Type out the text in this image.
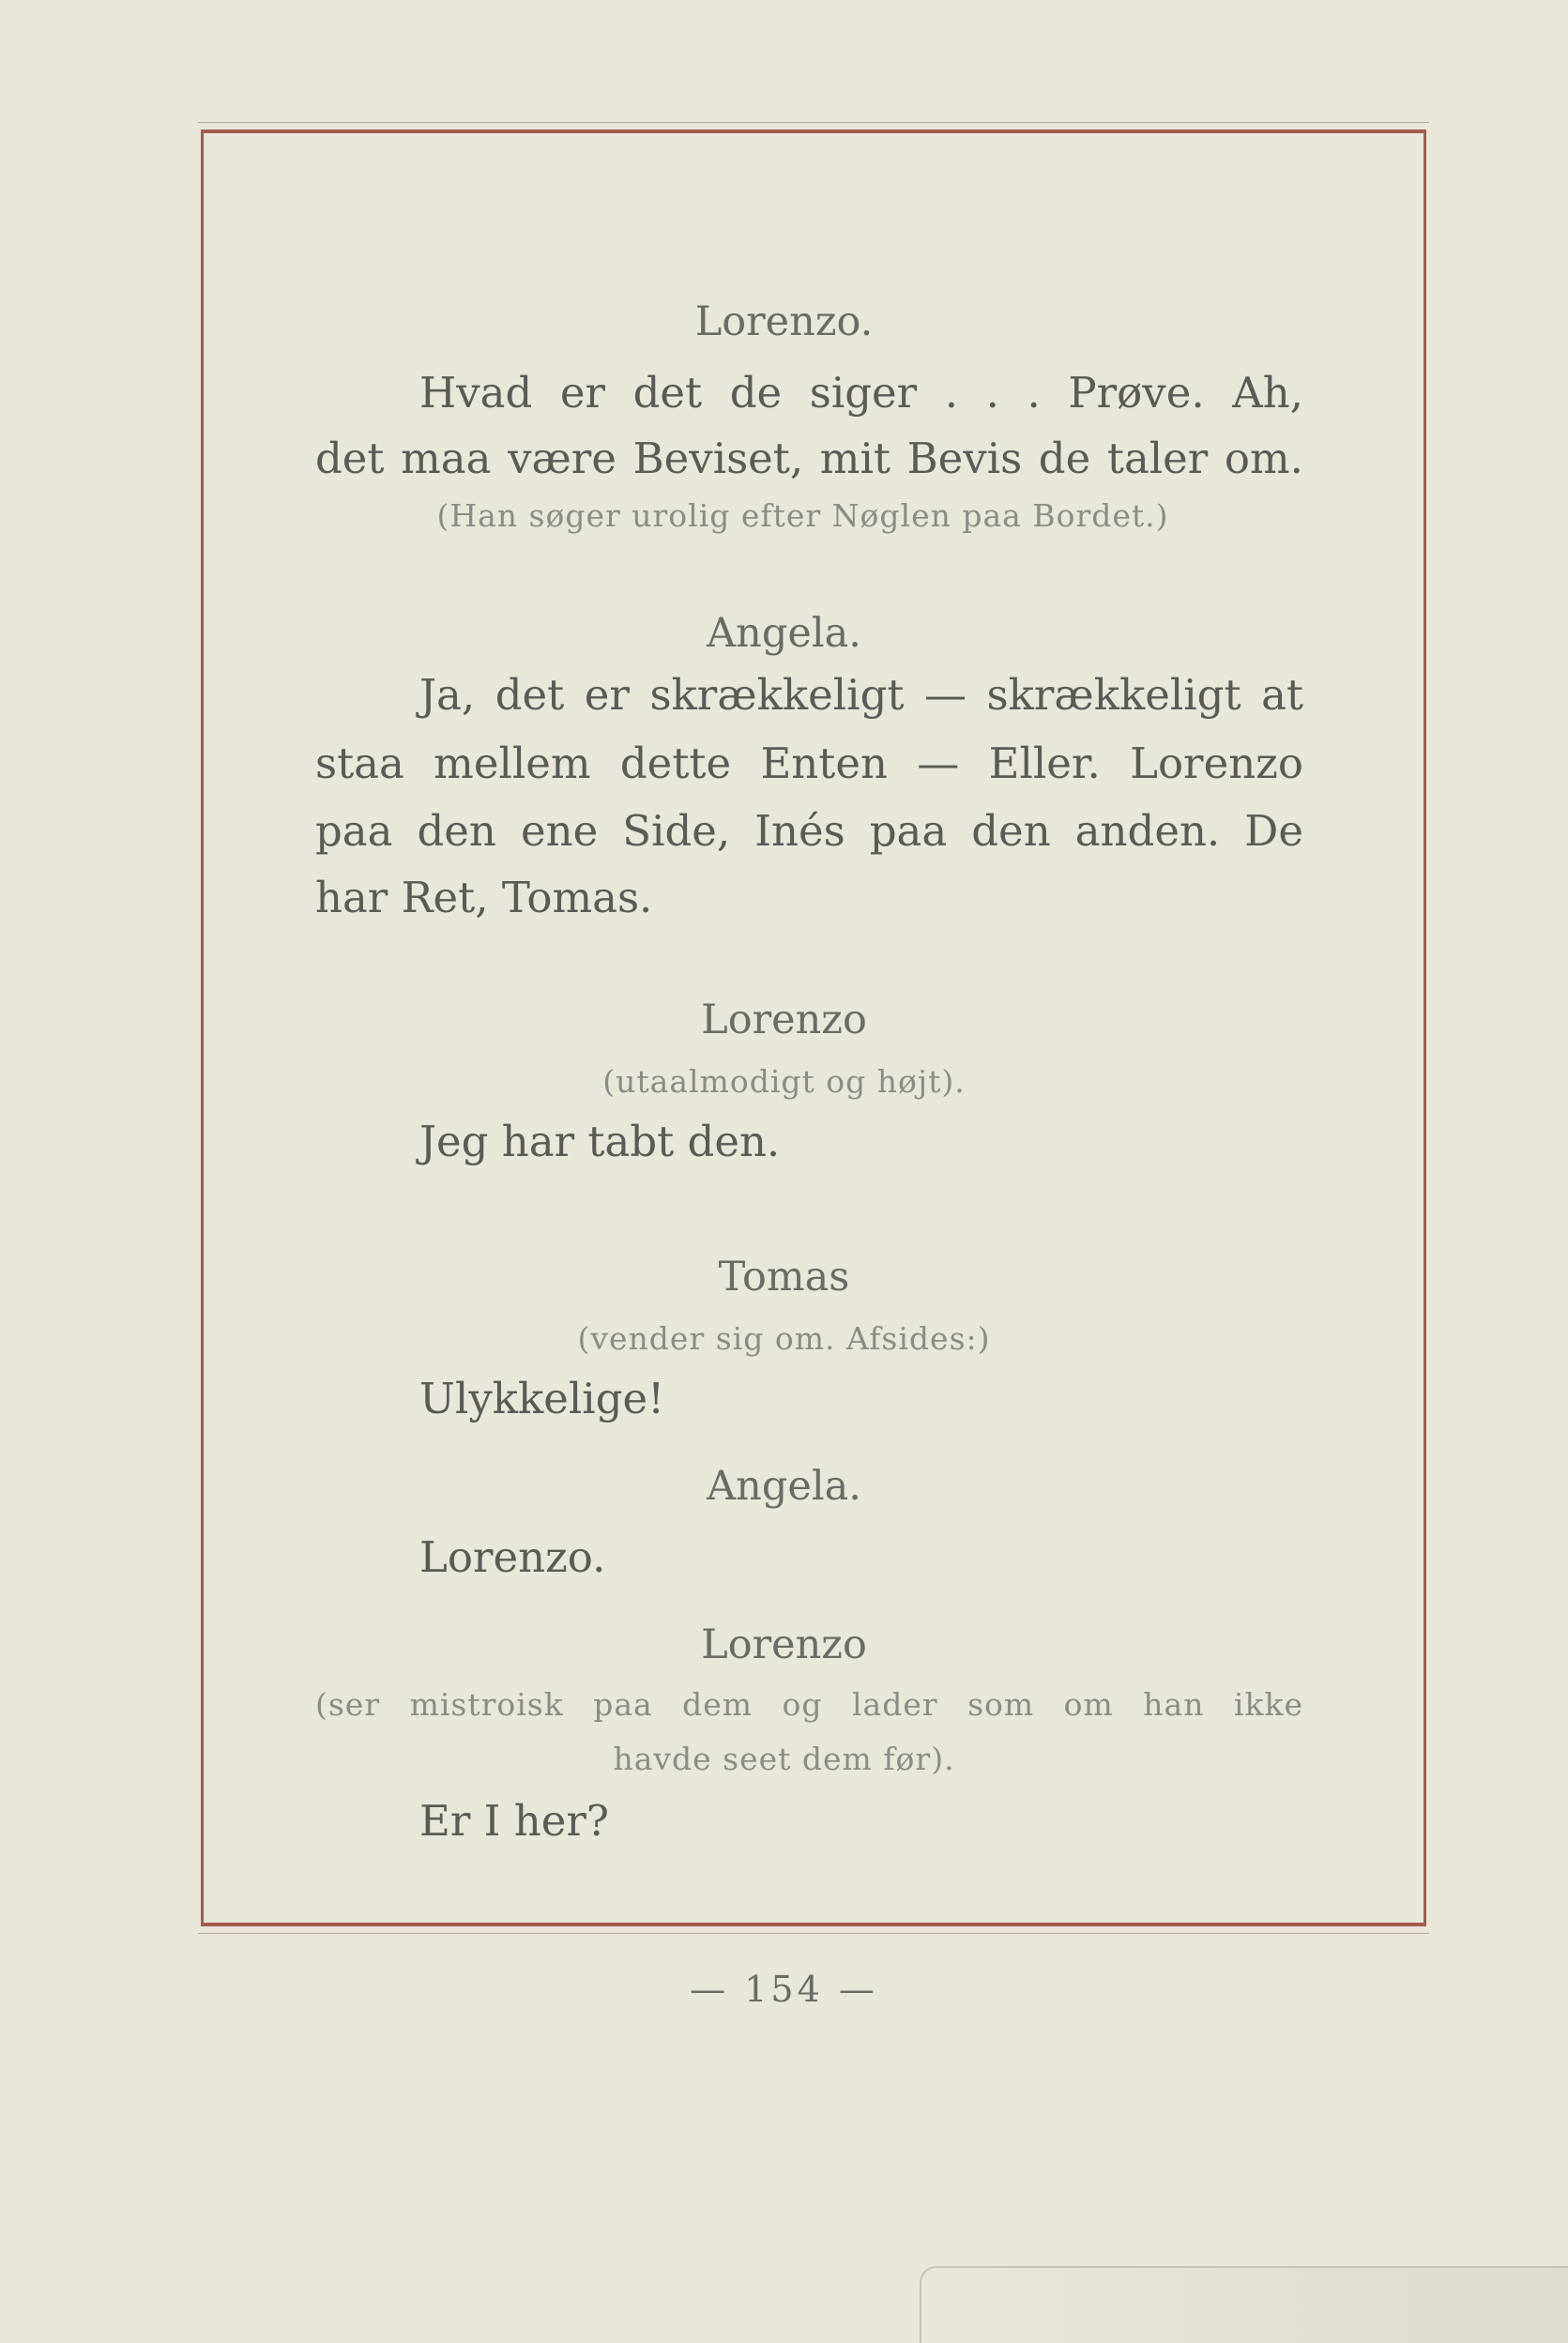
Lorenzo.
Hvad er det de siger . . . Prøve. Ah,
det maa være Beviset, mit Bevis de taler om.
(Han søger urolig efter Nøglen paa Bordet.)
Angela.
Ja, det er skrækkeligt — skrækkeligt at
staa mellem dette Enten — Eller. Lorenzo
paa den ene Side, Inés paa den anden. De
har Ret, Tomas.
Lorenzo
(utaalmodigt og højt).
Jeg har tabt den.
Tomas
(vender sig om. Afsides:)
Ulykkelige!
Angela.
Lorenzo.
Lorenzo
(ser mistroisk paa dem og lader som om han ikke
havde seet dem før).
Er I her?
— 154 —
